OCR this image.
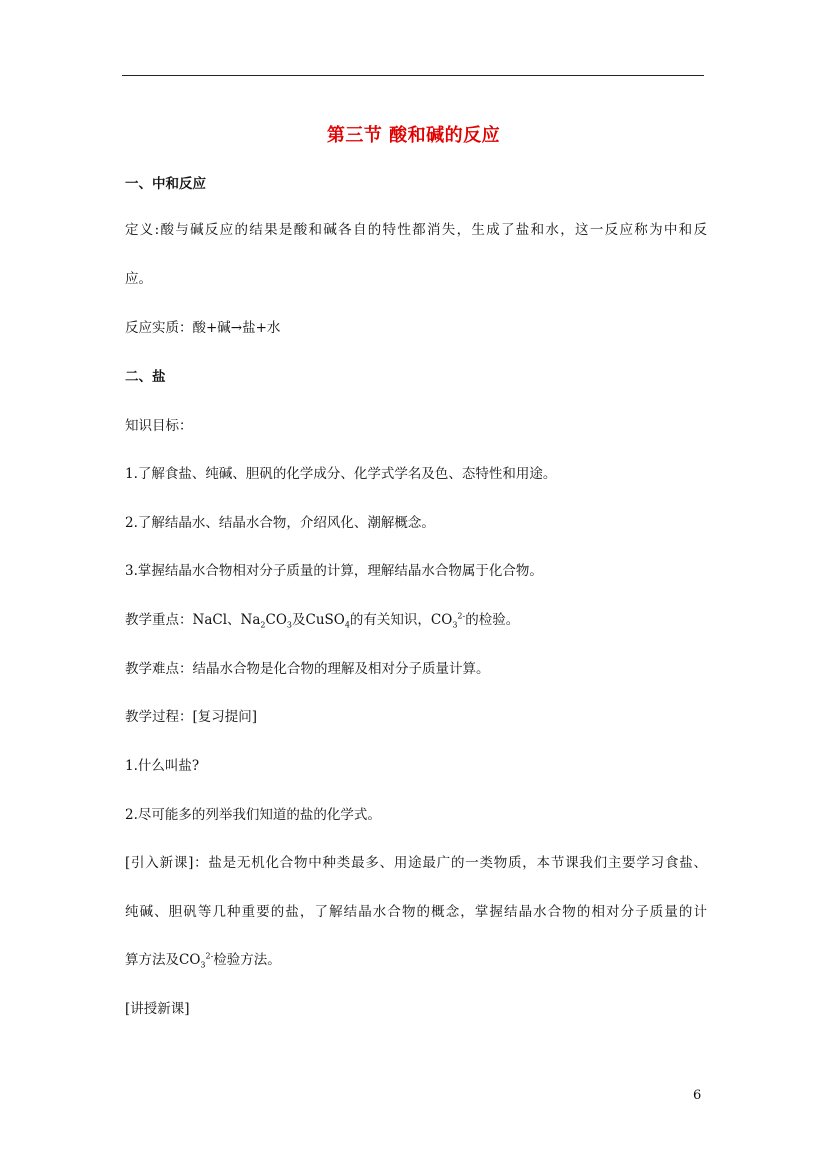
第三节 酸和碱的反应
一、中和反应
定义:酸与碱反应的结果是酸和碱各自的特性都消失，生成了盐和水，这一反应称为中和反
应。
反应实质：酸+碱→盐+水
二、盐
知识目标：
1.了解食盐、纯碱、胆矾的化学成分、化学式学名及色、态特性和用途。
2.了解结晶水、结晶水合物，介绍风化、潮解概念。
3.掌握结晶水合物相对分子质量的计算，理解结晶水合物属于化合物。
教学重点：NaCl、$Na_2CO_3$及CuSO$_4$的有关知识，$CO_3^{2-}$的检验。
教学难点：结晶水合物是化合物的理解及相对分子质量计算。
教学过程：[复习提问]
1.什么叫盐?
2.尽可能多的列举我们知道的盐的化学式。
[引入新课]：盐是无机化合物中种类最多、用途最广的一类物质，本节课我们主要学习食盐、
纯碱、胆矾等几种重要的盐，了解结晶水合物的概念，掌握结晶水合物的相对分子质量的计
算方法及$CO_3^{2-}$检验方法。
[讲授新课]
6
